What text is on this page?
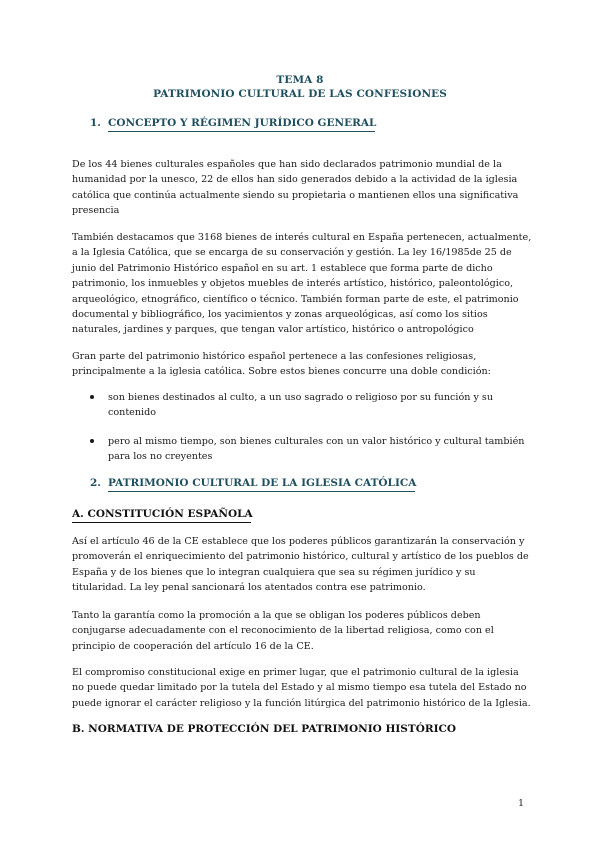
TEMA 8
PATRIMONIO CULTURAL DE LAS CONFESIONES
1. CONCEPTO Y RÉGIMEN JURÍDICO GENERAL

De los 44 bienes culturales españoles que han sido declarados patrimonio mundial de la humanidad por la unesco, 22 de ellos han sido generados debido a la actividad de la iglesia católica que continúa actualmente siendo su propietaria o mantienen ellos una significativa presencia

También destacamos que 3168 bienes de interés cultural en España pertenecen, actualmente, a la Iglesia Católica, que se encarga de su conservación y gestión. La ley 16/1985de 25 de junio del Patrimonio Histórico español en su art. 1 establece que forma parte de dicho patrimonio, los inmuebles y objetos muebles de interés artístico, histórico, paleontológico, arqueológico, etnográfico, científico o técnico. También forman parte de este, el patrimonio documental y bibliográfico, los yacimientos y zonas arqueológicas, así como los sitios naturales, jardines y parques, que tengan valor artístico, histórico o antropológico

Gran parte del patrimonio histórico español pertenece a las confesiones religiosas, principalmente a la iglesia católica. Sobre estos bienes concurre una doble condición:

son bienes destinados al culto, a un uso sagrado o religioso por su función y su contenido
pero al mismo tiempo, son bienes culturales con un valor histórico y cultural también para los no creyentes
2. PATRIMONIO CULTURAL DE LA IGLESIA CATÓLICA
A. CONSTITUCIÓN ESPAÑOLA

Así el artículo 46 de la CE establece que los poderes públicos garantizarán la conservación y promoverán el enriquecimiento del patrimonio histórico, cultural y artístico de los pueblos de España y de los bienes que lo integran cualquiera que sea su régimen jurídico y su titularidad. La ley penal sancionará los atentados contra ese patrimonio.

Tanto la garantía como la promoción a la que se obligan los poderes públicos deben conjugarse adecuadamente con el reconocimiento de la libertad religiosa, como con el principio de cooperación del artículo 16 de la CE.

El compromiso constitucional exige en primer lugar, que el patrimonio cultural de la iglesia no puede quedar limitado por la tutela del Estado y al mismo tiempo esa tutela del Estado no puede ignorar el carácter religioso y la función litúrgica del patrimonio histórico de la Iglesia.

B. NORMATIVA DE PROTECCIÓN DEL PATRIMONIO HISTÓRICO
1
